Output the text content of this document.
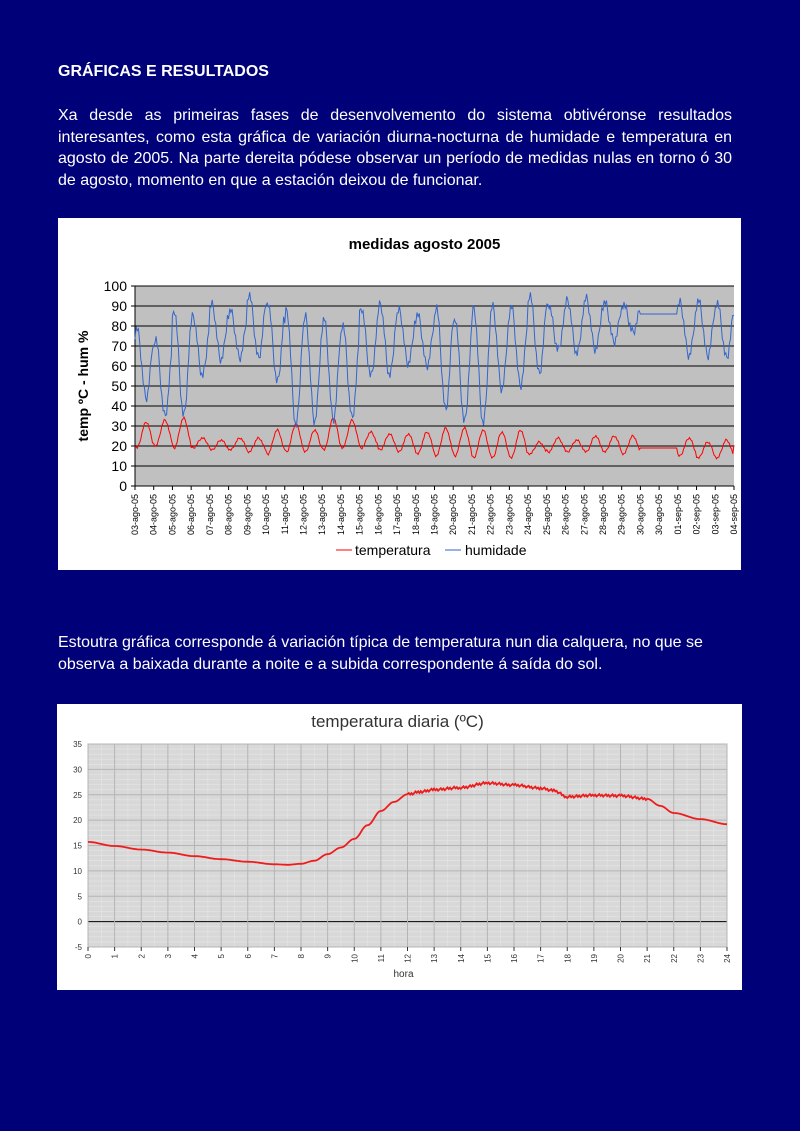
GRÁFICAS E RESULTADOS

Xa desde as primeiras fases de desenvolvemento do sistema obtivéronse resultados interesantes, como esta gráfica de variación diurna-nocturna de humidade e temperatura en agosto de 2005. Na parte dereita pódese observar un período de medidas nulas en torno ó 30 de agosto, momento en que a estación deixou de funcionar.

medidas agosto 2005
0
10
20
30
40
50
60
70
80
90
100
temp ºC - hum %
03-ago-05 04-ago-05 05-ago-05 06-ago-05 07-ago-05 08-ago-05 09-ago-05 10-ago-05 11-ago-05 12-ago-05 13-ago-05 14-ago-05 15-ago-05 16-ago-05 17-ago-05 18-ago-05 19-ago-05 20-ago-05 21-ago-05 22-ago-05 23-ago-05 24-ago-05 25-ago-05 26-ago-05 27-ago-05 28-ago-05 29-ago-05 30-ago-05 30-ago-05 01-sep-05 02-sep-05 03-sep-05 04-sep-05
temperatura humidade

Estoutra gráfica corresponde á variación típica de temperatura nun dia calquera, no que se observa a baixada durante a noite e a subida correspondente á saída do sol.

temperatura diaria (ºC)
-5
0
5
10
15
20
25
30
35
0 1 2 3 4 5 6 7 8 9 10 11 12 13 14 15 16 17 18 19 20 21 22 23 24
hora
